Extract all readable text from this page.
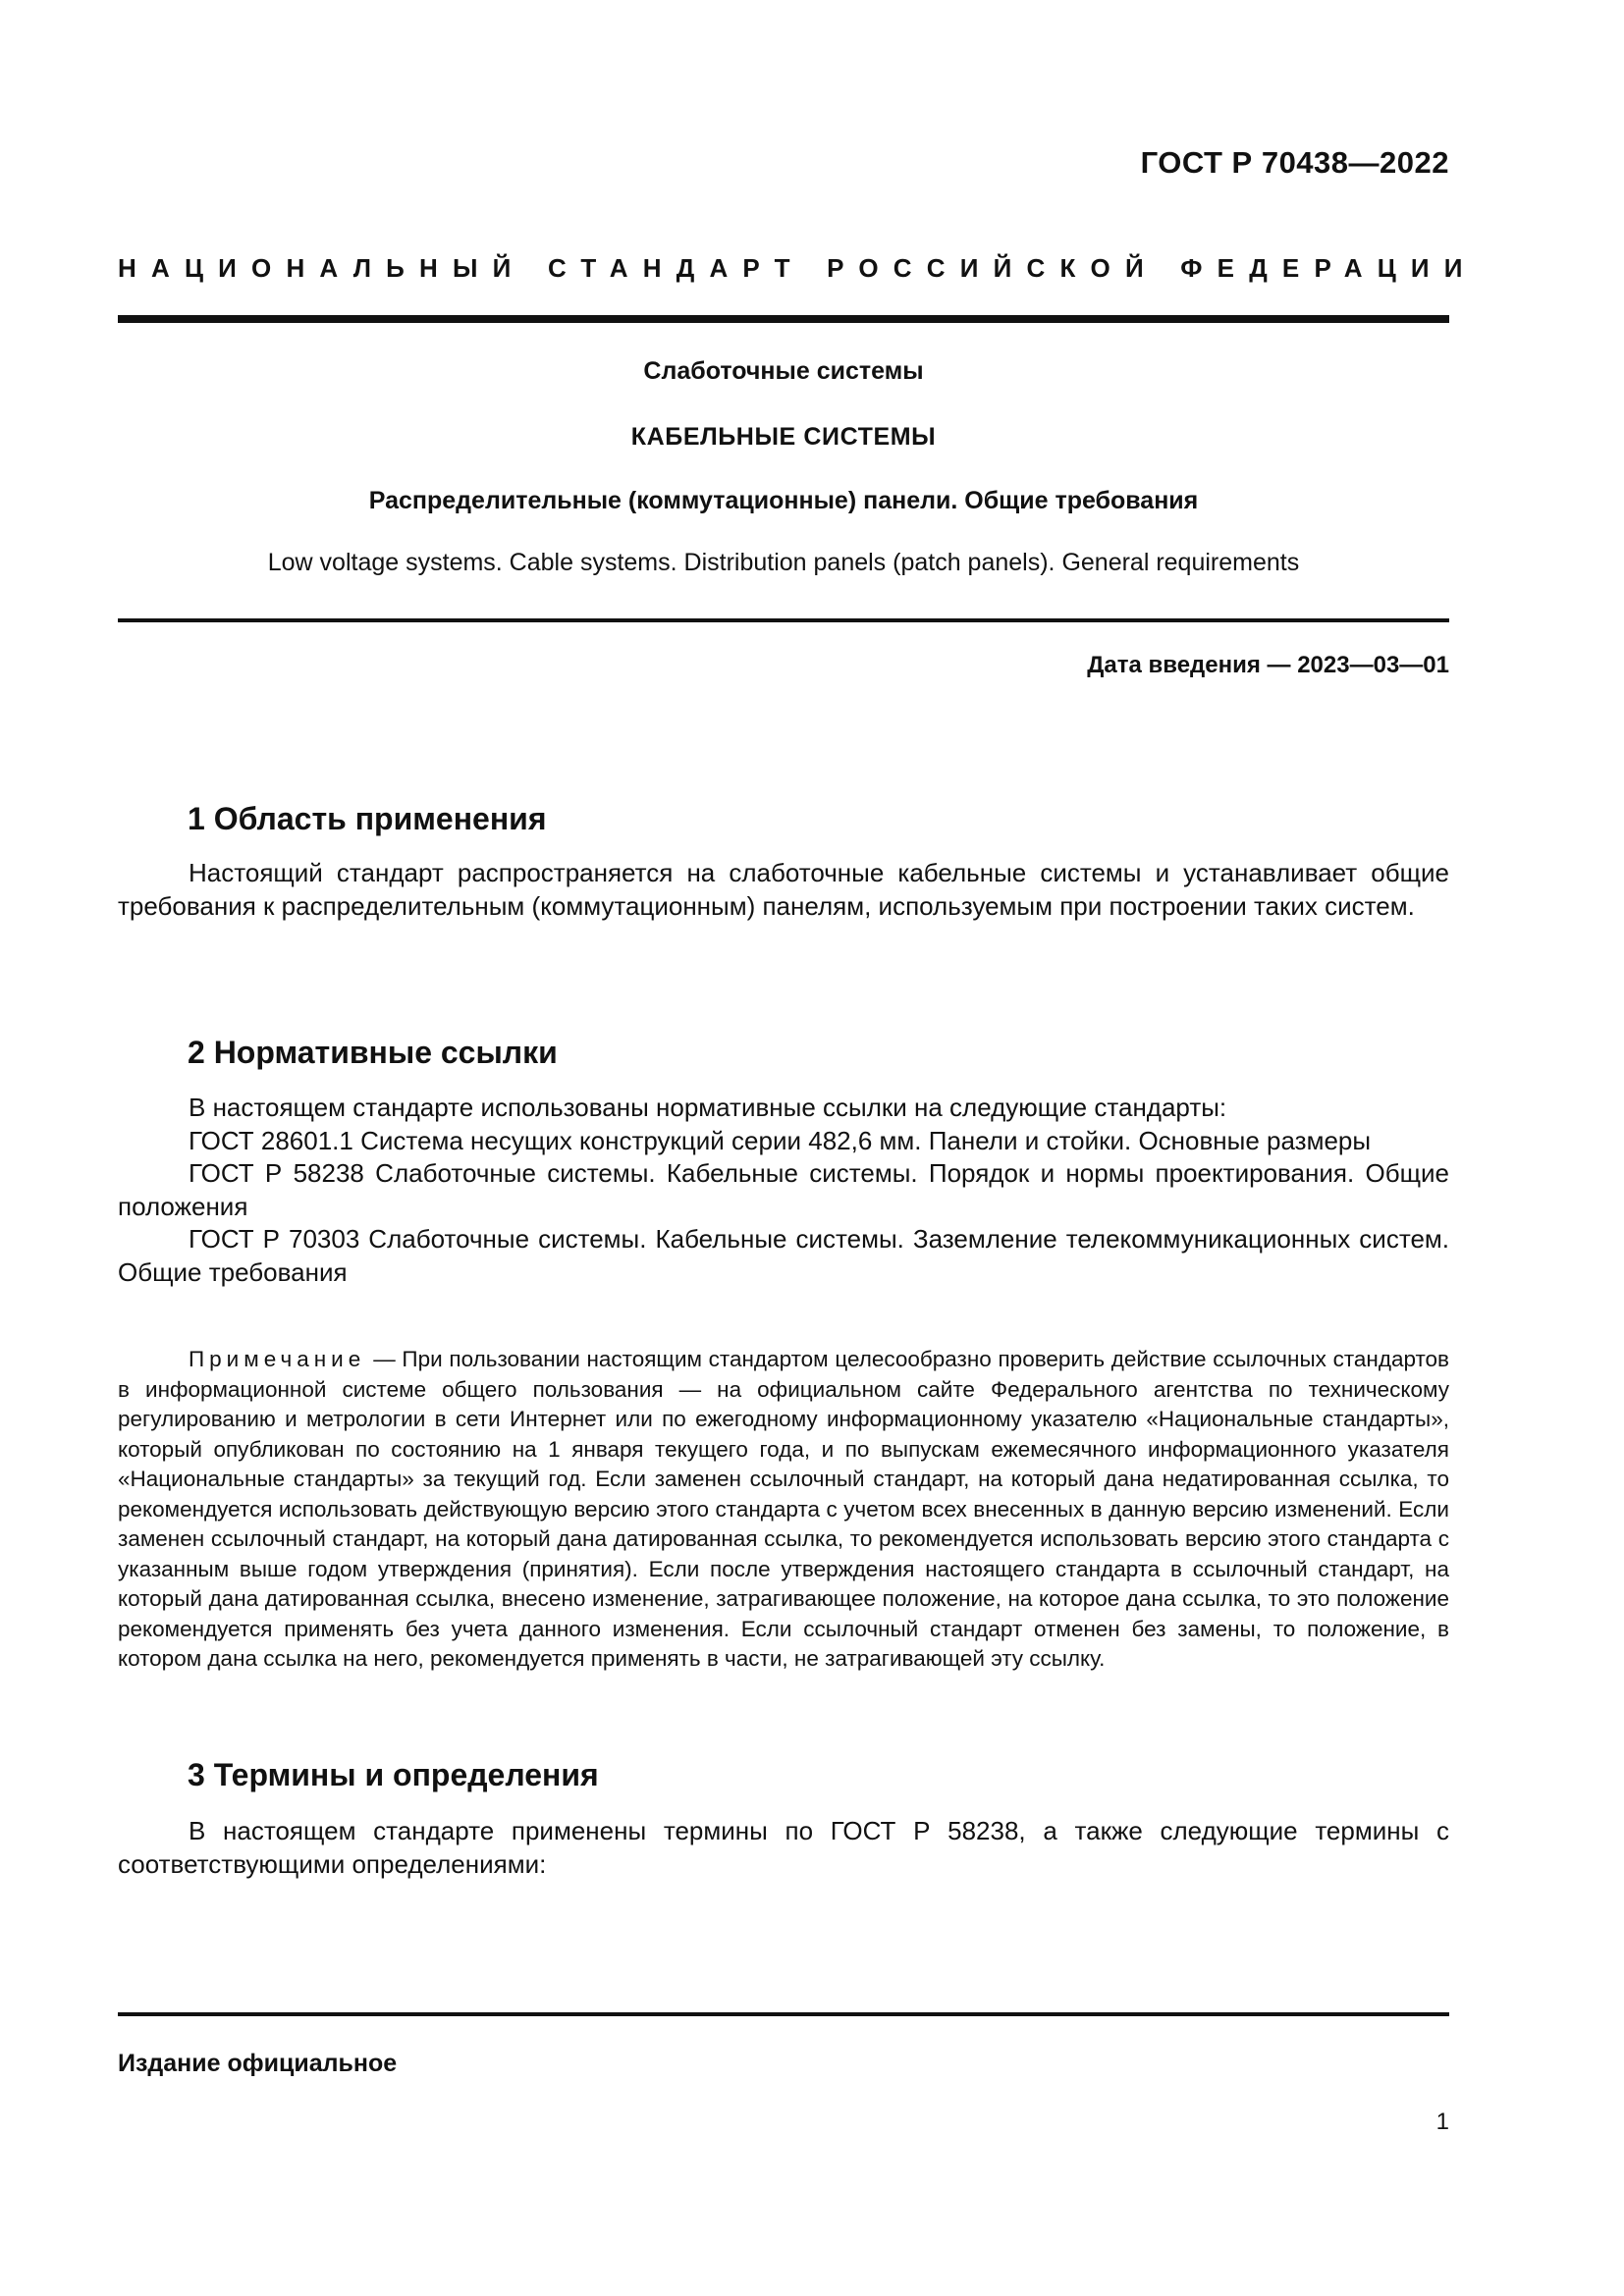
ГОСТ Р 70438—2022
НАЦИОНАЛЬНЫЙ СТАНДАРТ РОССИЙСКОЙ ФЕДЕРАЦИИ
Слаботочные системы
КАБЕЛЬНЫЕ СИСТЕМЫ
Распределительные (коммутационные) панели. Общие требования
Low voltage systems. Cable systems. Distribution panels (patch panels). General requirements
Дата введения — 2023—03—01
1 Область применения

Настоящий стандарт распространяется на слаботочные кабельные системы и устанавливает общие требования к распределительным (коммутационным) панелям, используемым при построении таких систем.

2 Нормативные ссылки

В настоящем стандарте использованы нормативные ссылки на следующие стандарты:

ГОСТ 28601.1 Система несущих конструкций серии 482,6 мм. Панели и стойки. Основные размеры

ГОСТ Р 58238 Слаботочные системы. Кабельные системы. Порядок и нормы проектирования. Общие положения

ГОСТ Р 70303 Слаботочные системы. Кабельные системы. Заземление телекоммуникационных систем. Общие требования

Примечание — При пользовании настоящим стандартом целесообразно проверить действие ссылочных стандартов в информационной системе общего пользования — на официальном сайте Федерального агентства по техническому регулированию и метрологии в сети Интернет или по ежегодному информационному указателю «Национальные стандарты», который опубликован по состоянию на 1 января текущего года, и по выпускам ежемесячного информационного указателя «Национальные стандарты» за текущий год. Если заменен ссылочный стандарт, на который дана недатированная ссылка, то рекомендуется использовать действующую версию этого стандарта с учетом всех внесенных в данную версию изменений. Если заменен ссылочный стандарт, на который дана датированная ссылка, то рекомендуется использовать версию этого стандарта с указанным выше годом утверждения (принятия). Если после утверждения настоящего стандарта в ссылочный стандарт, на который дана датированная ссылка, внесено изменение, затрагивающее положение, на которое дана ссылка, то это положение рекомендуется применять без учета данного изменения. Если ссылочный стандарт отменен без замены, то положение, в котором дана ссылка на него, рекомендуется применять в части, не затрагивающей эту ссылку.
3 Термины и определения

В настоящем стандарте применены термины по ГОСТ Р 58238, а также следующие термины с соответствующими определениями:

Издание официальное
1
